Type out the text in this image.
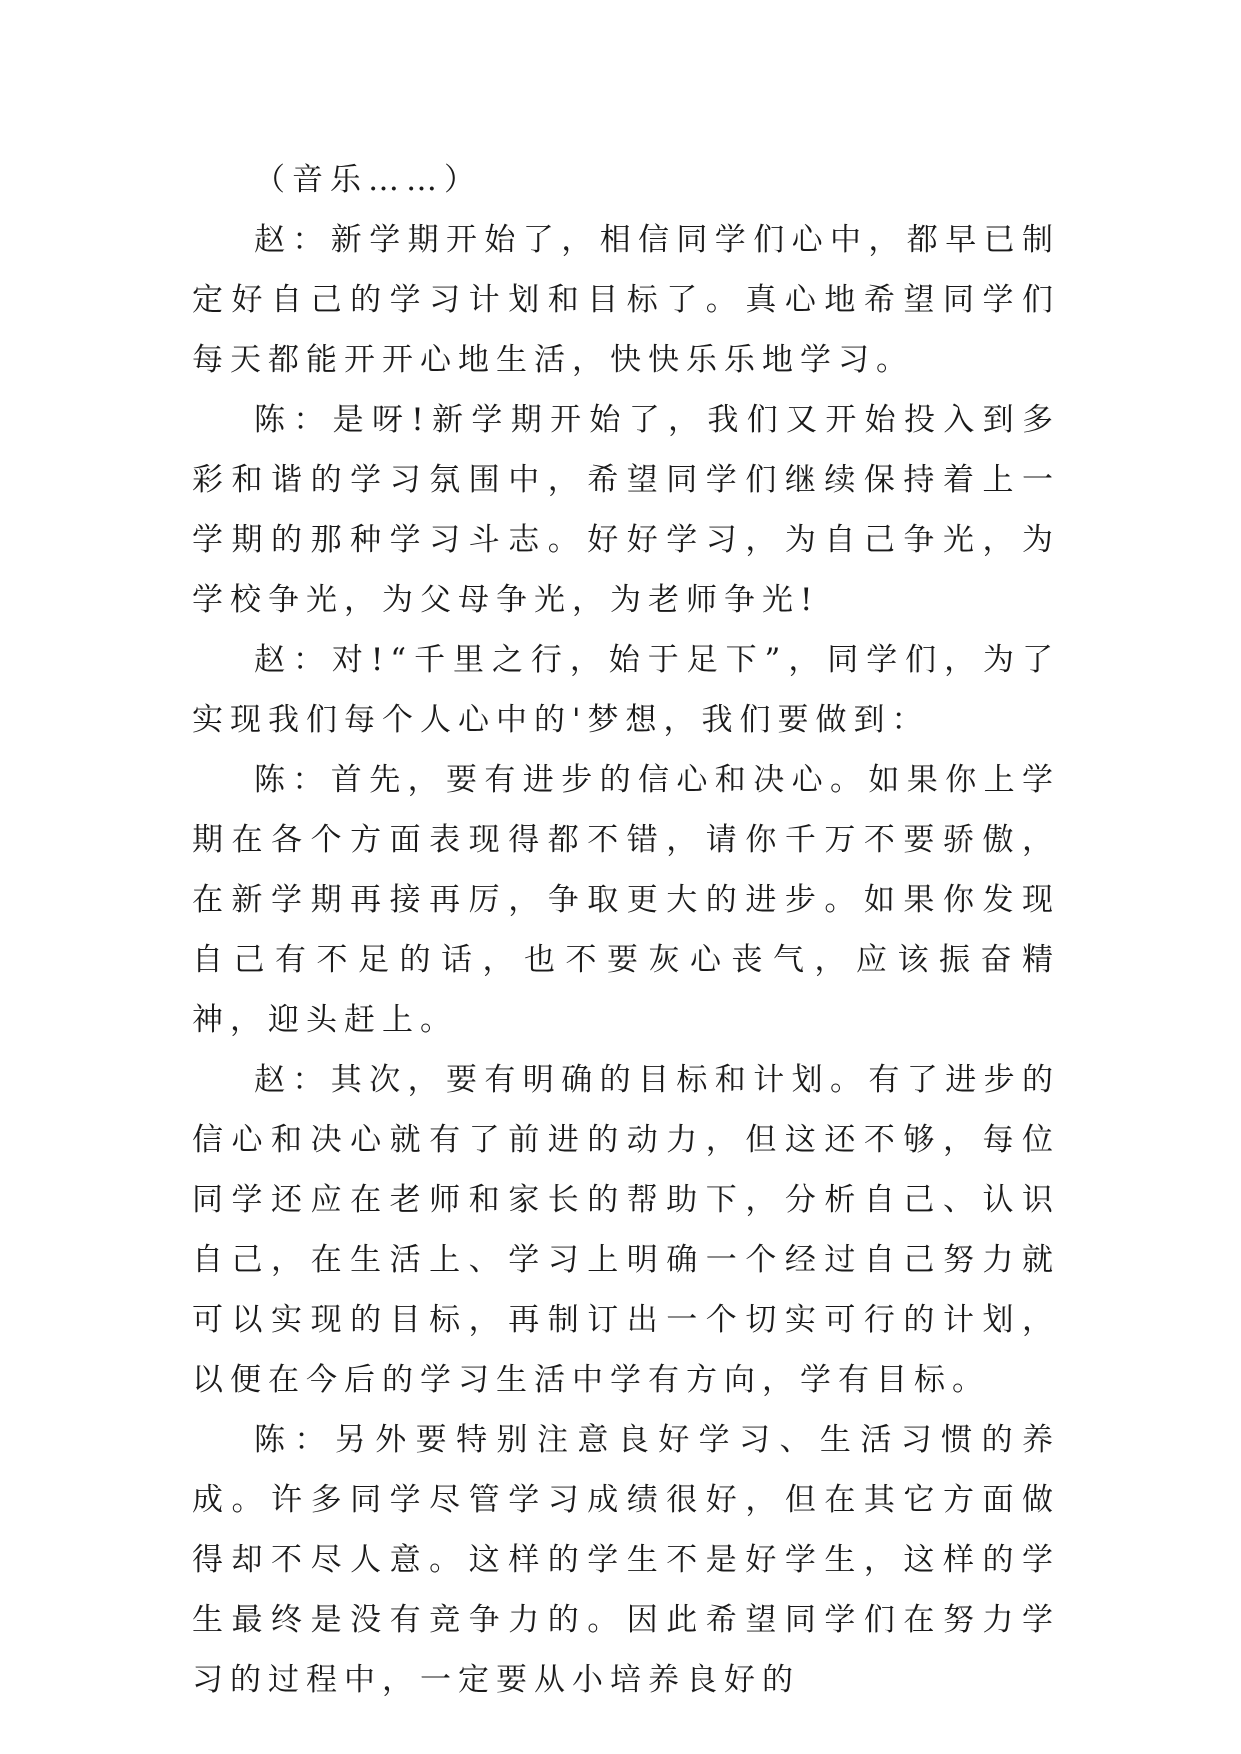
（音乐……）

赵：新学期开始了，相信同学们心中，都早已制定好自己的学习计划和目标了。真心地希望同学们每天都能开开心地生活，快快乐乐地学习。

陈：是呀!新学期开始了，我们又开始投入到多彩和谐的学习氛围中，希望同学们继续保持着上一学期的那种学习斗志。好好学习，为自己争光，为学校争光，为父母争光，为老师争光!

赵：对!“千里之行，始于足下”，同学们，为了实现我们每个人心中的'梦想，我们要做到：

陈：首先，要有进步的信心和决心。如果你上学期在各个方面表现得都不错，请你千万不要骄傲，在新学期再接再厉，争取更大的进步。如果你发现自己有不足的话，也不要灰心丧气，应该振奋精神，迎头赶上。

赵：其次，要有明确的目标和计划。有了进步的信心和决心就有了前进的动力，但这还不够，每位同学还应在老师和家长的帮助下，分析自己、认识自己，在生活上、学习上明确一个经过自己努力就可以实现的目标，再制订出一个切实可行的计划，以便在今后的学习生活中学有方向，学有目标。

陈：另外要特别注意良好学习、生活习惯的养成。许多同学尽管学习成绩很好，但在其它方面做得却不尽人意。这样的学生不是好学生，这样的学生最终是没有竞争力的。因此希望同学们在努力学习的过程中，一定要从小培养良好的
